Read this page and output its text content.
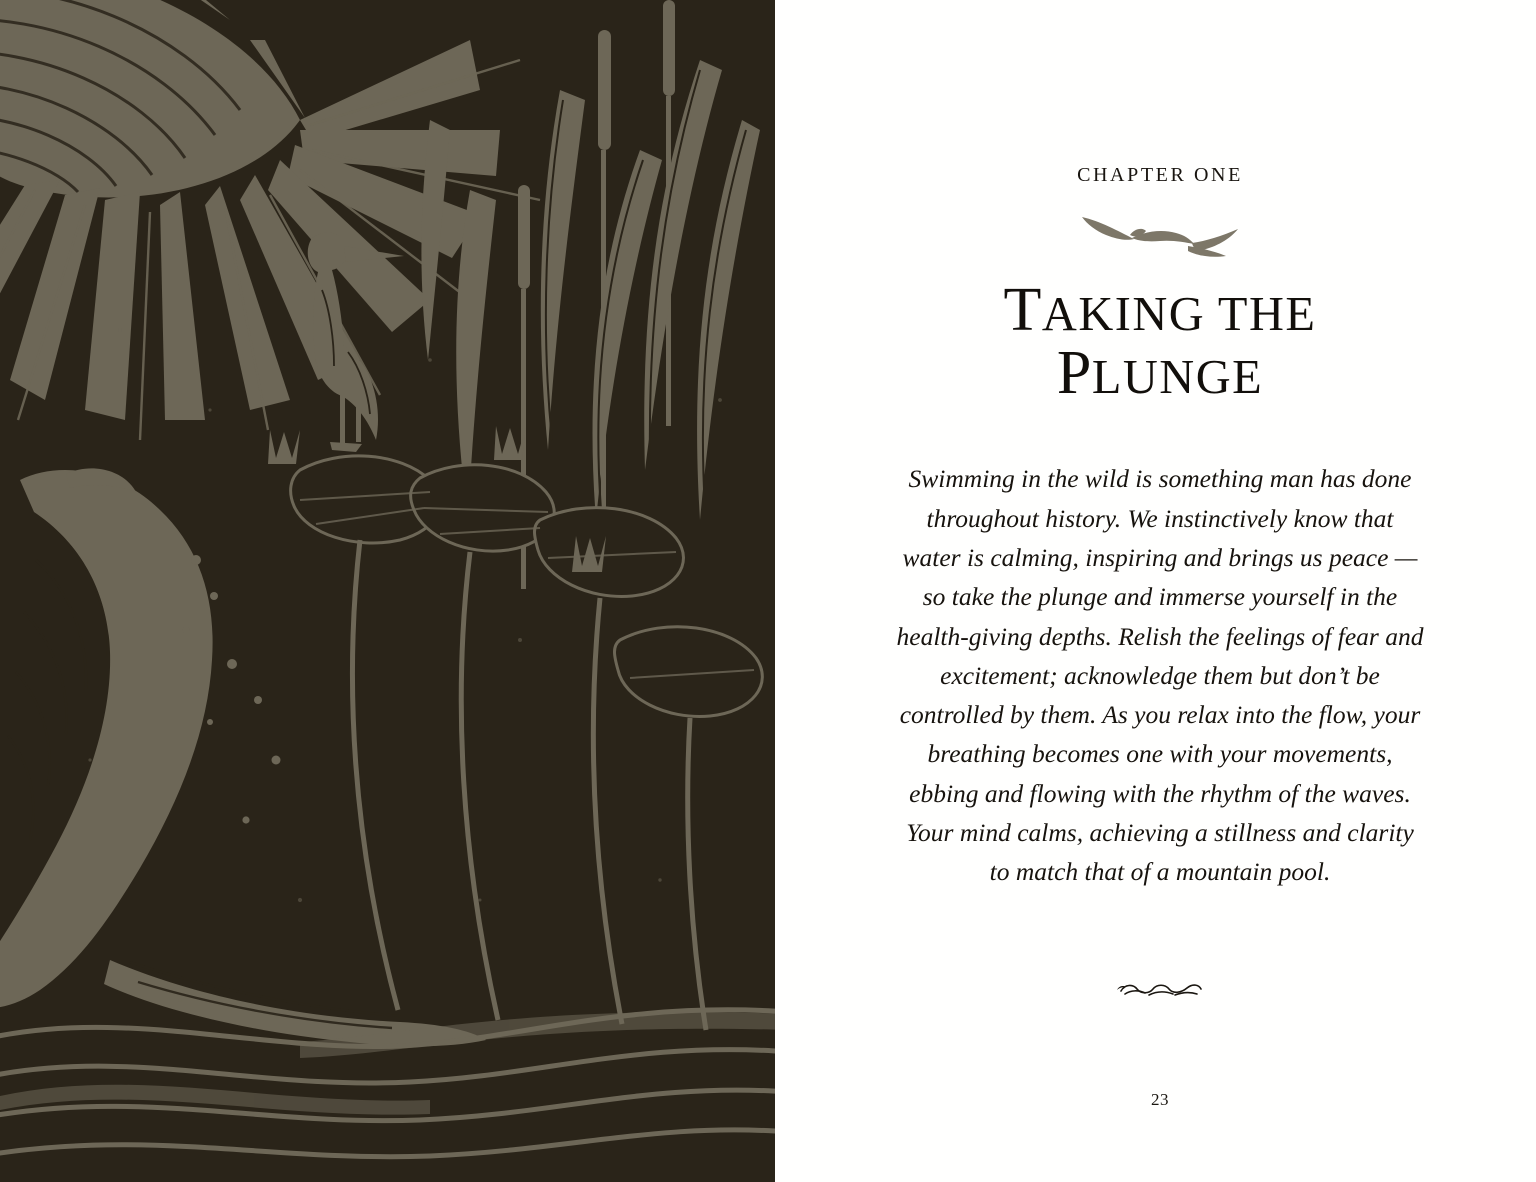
CHAPTER ONE
TAKING THE
PLUNGE

Swimming in the wild is something man has done throughout history. We instinctively know that water is calming, inspiring and brings us peace — so take the plunge and immerse yourself in the health-giving depths. Relish the feelings of fear and excitement; acknowledge them but don’t be controlled by them. As you relax into the flow, your breathing becomes one with your movements, ebbing and flowing with the rhythm of the waves. Your mind calms, achieving a stillness and clarity to match that of a mountain pool.

23
